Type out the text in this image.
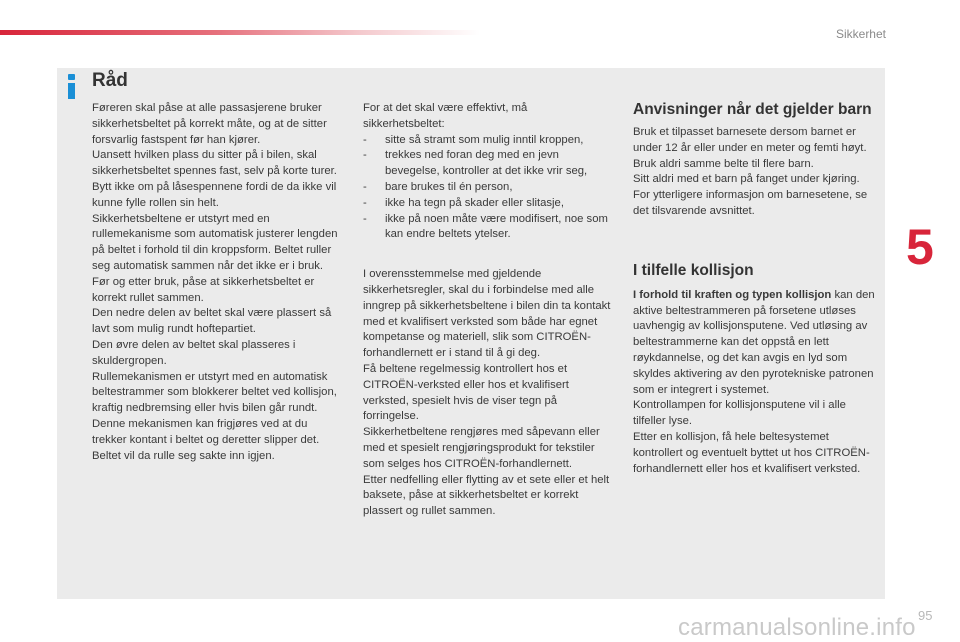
Sikkerhet
Råd

Føreren skal påse at alle passasjerene bruker sikkerhetsbeltet på korrekt måte, og at de sitter forsvarlig fastspent før han kjører.

Uansett hvilken plass du sitter på i bilen, skal sikkerhetsbeltet spennes fast, selv på korte turer.

Bytt ikke om på låsespennene fordi de da ikke vil kunne fylle rollen sin helt.

Sikkerhetsbeltene er utstyrt med en rullemekanisme som automatisk justerer lengden på beltet i forhold til din kroppsform. Beltet ruller seg automatisk sammen når det ikke er i bruk.

Før og etter bruk, påse at sikkerhetsbeltet er korrekt rullet sammen.

Den nedre delen av beltet skal være plassert så lavt som mulig rundt hoftepartiet.

Den øvre delen av beltet skal plasseres i skuldergropen.

Rullemekanismen er utstyrt med en automatisk beltestrammer som blokkerer beltet ved kollisjon, kraftig nedbremsing eller hvis bilen går rundt. Denne mekanismen kan frigjøres ved at du trekker kontant i beltet og deretter slipper det. Beltet vil da rulle seg sakte inn igjen.

For at det skal være effektivt, må sikkerhetsbeltet:

- sitte så stramt som mulig inntil kroppen,
- trekkes ned foran deg med en jevn bevegelse, kontroller at det ikke vrir seg,
- bare brukes til én person,
- ikke ha tegn på skader eller slitasje,
- ikke på noen måte være modifisert, noe som kan endre beltets ytelser.

I overensstemmelse med gjeldende sikkerhetsregler, skal du i forbindelse med alle inngrep på sikkerhetsbeltene i bilen din ta kontakt med et kvalifisert verksted som både har egnet kompetanse og materiell, slik som CITROËN-forhandlernett er i stand til å gi deg.

Få beltene regelmessig kontrollert hos et CITROËN-verksted eller hos et kvalifisert verksted, spesielt hvis de viser tegn på forringelse.

Sikkerhetbeltene rengjøres med såpevann eller med et spesielt rengjøringsprodukt for tekstiler som selges hos CITROËN-forhandlernett.

Etter nedfelling eller flytting av et sete eller et helt baksete, påse at sikkerhetsbeltet er korrekt plassert og rullet sammen.

Anvisninger når det gjelder barn

Bruk et tilpasset barnesete dersom barnet er under 12 år eller under en meter og femti høyt.

Bruk aldri samme belte til flere barn.

Sitt aldri med et barn på fanget under kjøring.

For ytterligere informasjon om barnesetene, se det tilsvarende avsnittet.

I tilfelle kollisjon

I forhold til kraften og typen kollisjon kan den aktive beltestrammeren på forsetene utløses uavhengig av kollisjonsputene. Ved utløsing av beltestrammerne kan det oppstå en lett røykdannelse, og det kan avgis en lyd som skyldes aktivering av den pyrotekniske patronen som er integrert i systemet.

Kontrollampen for kollisjonsputene vil i alle tilfeller lyse.

Etter en kollisjon, få hele beltesystemet kontrollert og eventuelt byttet ut hos CITROËN-forhandlernett eller hos et kvalifisert verksted.

5
carmanualsonline.info 95
